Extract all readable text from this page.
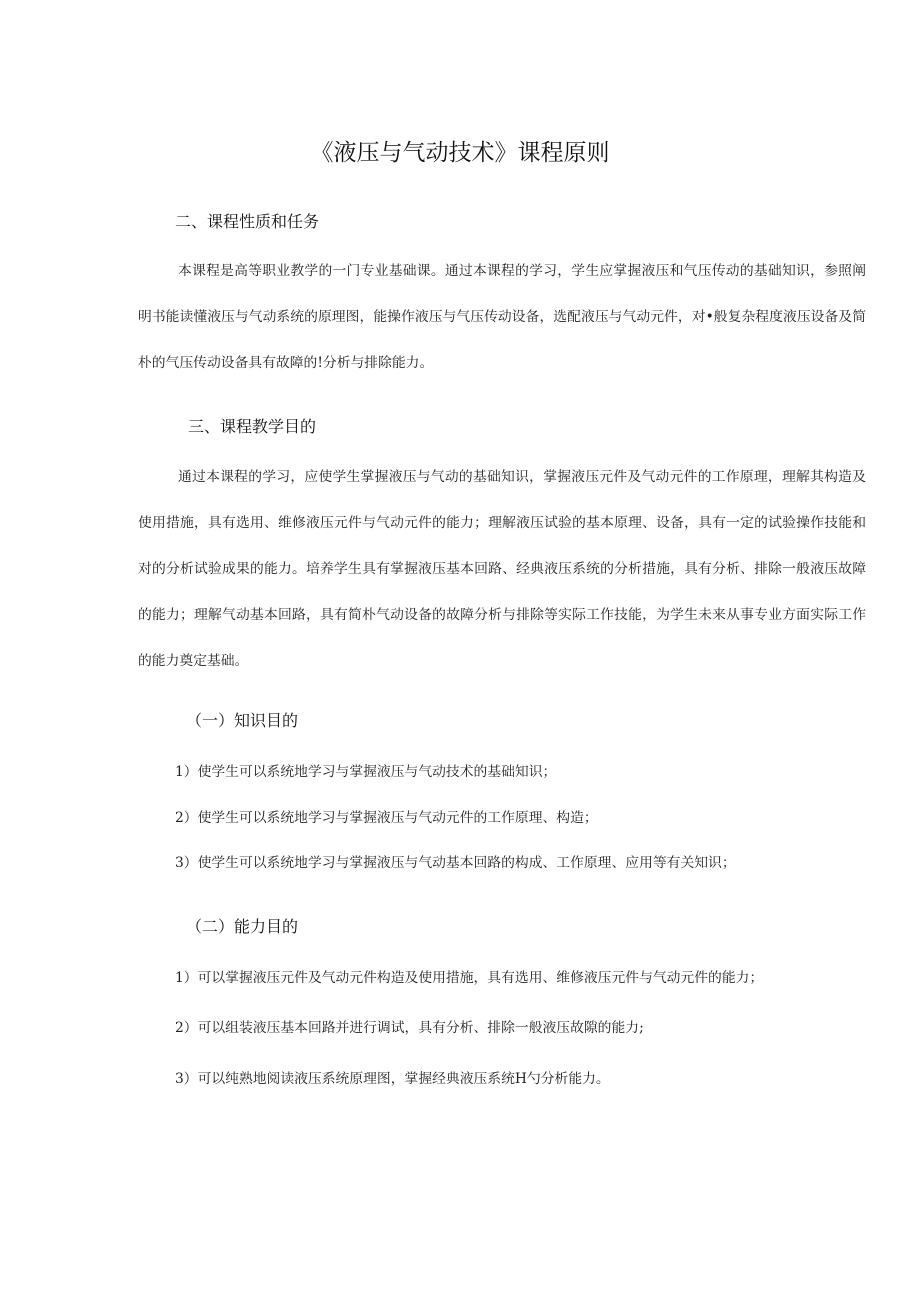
《液压与气动技术》课程原则
二、课程性质和任务
本课程是高等职业教学的一门专业基础课。通过本课程的学习，学生应掌握液压和气压传动的基础知识，参照阐明书能读懂液压与气动系统的原理图，能操作液压与气压传动设备，选配液压与气动元件，对•般复杂程度液压设备及简朴的气压传动设备具有故障的!分析与排除能力。
三、课程教学目的
通过本课程的学习，应使学生掌握液压与气动的基础知识，掌握液压元件及气动元件的工作原理，理解其构造及使用措施，具有选用、维修液压元件与气动元件的能力；理解液压试验的基本原理、设备，具有一定的试验操作技能和对的分析试验成果的能力。培养学生具有掌握液压基本回路、经典液压系统的分析措施，具有分析、排除一般液压故障的能力；理解气动基本回路，具有简朴气动设备的故障分析与排除等实际工作技能，为学生未来从事专业方面实际工作的能力奠定基础。
（一）知识目的
1）使学生可以系统地学习与掌握液压与气动技术的基础知识；
2）使学生可以系统地学习与掌握液压与气动元件的工作原理、构造；
3）使学生可以系统地学习与掌握液压与气动基本回路的构成、工作原理、应用等有关知识；
（二）能力目的
1）可以掌握液压元件及气动元件构造及使用措施，具有选用、维修液压元件与气动元件的能力；
2）可以组装液压基本回路并进行调试，具有分析、排除一般液压故隙的能力;
3）可以纯熟地阅读液压系统原理图，掌握经典液压系统H勺分析能力。
